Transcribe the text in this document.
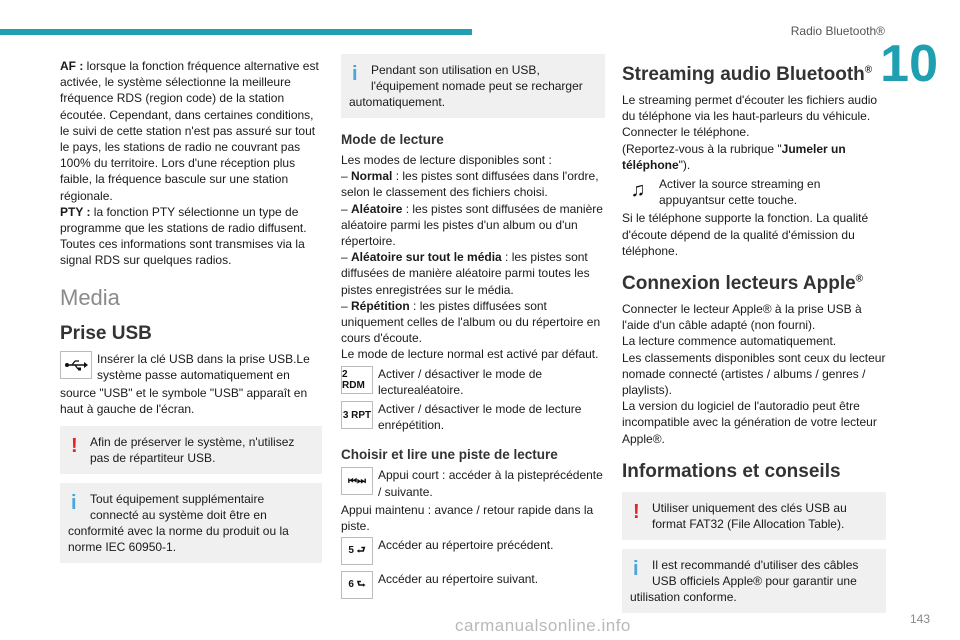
Radio Bluetooth®
10

AF : lorsque la fonction fréquence alternative est activée, le système sélectionne la meilleure fréquence RDS (region code) de la station écoutée. Cependant, dans certaines conditions, le suivi de cette station n'est pas assuré sur tout le pays, les stations de radio ne couvrant pas 100% du territoire. Lors d'une réception plus faible, la fréquence bascule sur une station régionale.

PTY : la fonction PTY sélectionne un type de programme que les stations de radio diffusent.

Toutes ces informations sont transmises via la signal RDS sur quelques radios.

Media
Prise USB

Insérer la clé USB dans la prise USB.Le système passe automatiquement en

source "USB" et le symbole "USB" apparaît en haut à gauche de l'écran.

! Afin de préserver le système, n'utilisez
pas de répartiteur USB.
i	Tout équipement supplémentaire
connecté au système doit être en
conformité avec la norme du produit ou la norme IEC 60950-1.
i	Pendant son utilisation en USB,
l'équipement nomade peut se recharger
automatiquement.
Mode de lecture

Les modes de lecture disponibles sont :

– Normal : les pistes sont diffusées dans l'ordre, selon le classement des fichiers choisi.

– Aléatoire : les pistes sont diffusées de manière aléatoire parmi les pistes d'un album ou d'un répertoire.

– Aléatoire sur tout le média : les pistes sont diffusées de manière aléatoire parmi toutes les pistes enregistrées sur le média.

– Répétition : les pistes diffusées sont uniquement celles de l'album ou du répertoire en cours d'écoute.

Le mode de lecture normal est activé par défaut.

2 RDM

Activer / désactiver le mode de lecturealéatoire.

3 RPT Activer / désactiver le mode de lecture enrépétition.

Choisir et lire une piste de lecture
⏮⏭	Appui court : accéder à la pisteprécédente / suivante.

Appui maintenu : avance / retour rapide dans la piste.

5 ⮐	Accéder au répertoire précédent.

6 ⮑	Accéder au répertoire suivant.

Streaming audio Bluetooth®

Le streaming permet d'écouter les fichiers audio du téléphone via les haut-parleurs du véhicule.

Connecter le téléphone.

(Reportez-vous à la rubrique "Jumeler un téléphone").

♫	Activer la source streaming en appuyantsur cette touche.

Si le téléphone supporte la fonction. La qualité d'écoute dépend de la qualité d'émission du téléphone.

Connexion lecteurs Apple®

Connecter le lecteur Apple® à la prise USB à l'aide d'un câble adapté (non fourni).

La lecture commence automatiquement.

Les classements disponibles sont ceux du lecteur nomade connecté (artistes / albums / genres / playlists).

La version du logiciel de l'autoradio peut être incompatible avec la génération de votre lecteur Apple®.

Informations et conseils
! Utiliser uniquement des clés USB au
format FAT32 (File Allocation Table).
i	Il est recommandé d'utiliser des câbles
USB officiels Apple® pour garantir une
utilisation conforme.
carmanualsonline.info	143
